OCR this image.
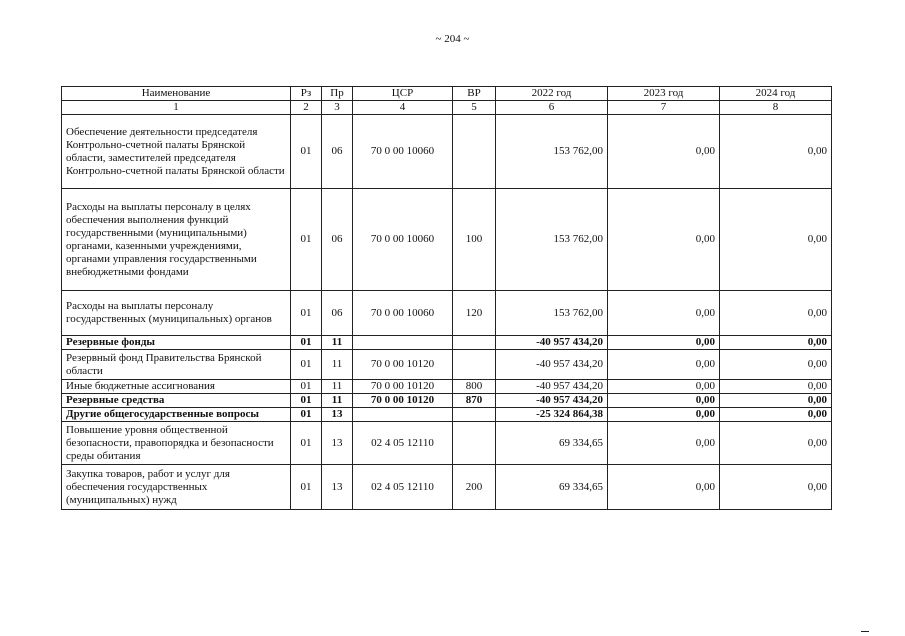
~ 204 ~
Наименование	Рз	Пр	ЦСР	ВР	2022 год	2023 год	2024 год
1	2	3	4	5	6	7	8
Обеспечение деятельности председателя Контрольно-счетной палаты Брянской области, заместителей председателя Контрольно-счетной палаты Брянской области	01	06	70 0 00 10060		153 762,00	0,00	0,00
Расходы на выплаты персоналу в целях обеспечения выполнения функций государственными (муниципальными) органами, казенными учреждениями, органами управления государственными внебюджетными фондами	01	06	70 0 00 10060	100	153 762,00	0,00	0,00
Расходы на выплаты персоналу государственных (муниципальных) органов	01	06	70 0 00 10060	120	153 762,00	0,00	0,00
Резервные фонды	01	11			-40 957 434,20	0,00	0,00
Резервный фонд Правительства Брянской области	01	11	70 0 00 10120		-40 957 434,20	0,00	0,00
Иные бюджетные ассигнования	01	11	70 0 00 10120	800	-40 957 434,20	0,00	0,00
Резервные средства	01	11	70 0 00 10120	870	-40 957 434,20	0,00	0,00
Другие общегосударственные вопросы	01	13			-25 324 864,38	0,00	0,00
Повышение уровня общественной безопасности, правопорядка и безопасности среды обитания	01	13	02 4 05 12110		69 334,65	0,00	0,00
Закупка товаров, работ и услуг для обеспечения государственных (муниципальных) нужд	01	13	02 4 05 12110	200	69 334,65	0,00	0,00
